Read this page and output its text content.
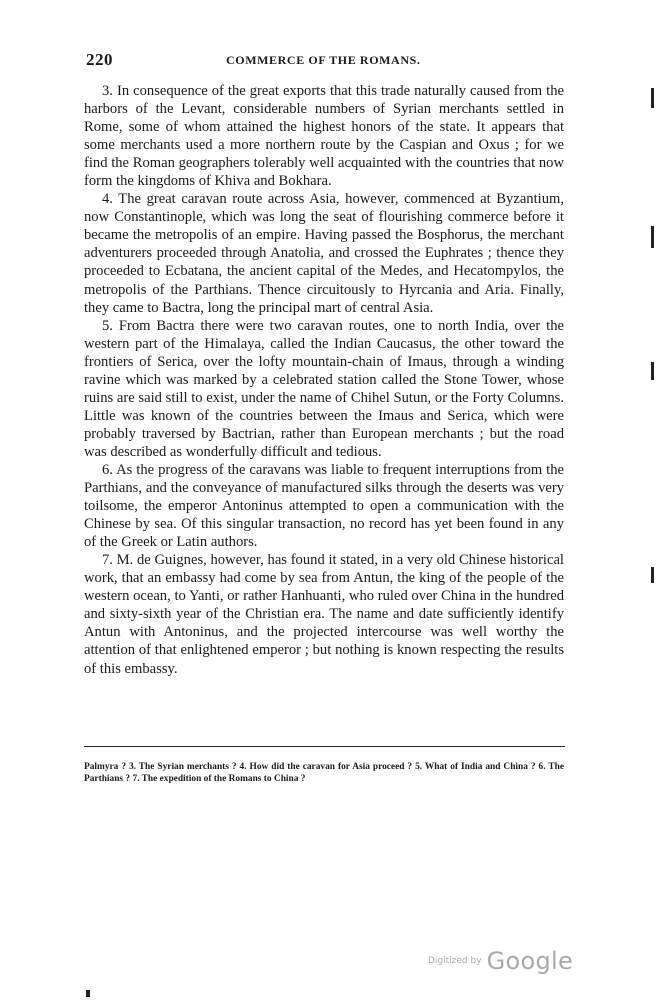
220	COMMERCE OF THE ROMANS.

3. In consequence of the great exports that this trade naturally caused from the harbors of the Levant, considerable numbers of Syrian merchants settled in Rome, some of whom attained the highest honors of the state. It appears that some merchants used a more northern route by the Caspian and Oxus ; for we find the Roman geographers tolerably well acquainted with the countries that now form the kingdoms of Khiva and Bokhara.

4. The great caravan route across Asia, however, commenced at Byzantium, now Constantinople, which was long the seat of flourishing commerce before it became the metropolis of an empire. Having passed the Bosphorus, the merchant adventurers proceeded through Anatolia, and crossed the Euphrates ; thence they proceeded to Ecbatana, the ancient capital of the Medes, and Hecatompylos, the metropolis of the Parthians. Thence circuitously to Hyrcania and Aria. Finally, they came to Bactra, long the principal mart of central Asia.

5. From Bactra there were two caravan routes, one to north India, over the western part of the Himalaya, called the Indian Caucasus, the other toward the frontiers of Serica, over the lofty mountain-chain of Imaus, through a winding ravine which was marked by a celebrated station called the Stone Tower, whose ruins are said still to exist, under the name of Chihel Sutun, or the Forty Columns. Little was known of the countries between the Imaus and Serica, which were probably traversed by Bactrian, rather than European merchants ; but the road was described as wonderfully difficult and tedious.

6. As the progress of the caravans was liable to frequent interruptions from the Parthians, and the conveyance of manufactured silks through the deserts was very toilsome, the emperor Antoninus attempted to open a communication with the Chinese by sea. Of this singular transaction, no record has yet been found in any of the Greek or Latin authors.

7. M. de Guignes, however, has found it stated, in a very old Chinese historical work, that an embassy had come by sea from Antun, the king of the people of the western ocean, to Yanti, or rather Hanhuanti, who ruled over China in the hundred and sixty-sixth year of the Christian era. The name and date sufficiently identify Antun with Antoninus, and the projected intercourse was well worthy the attention of that enlightened emperor ; but nothing is known respecting the results of this embassy.

Palmyra ? 3. The Syrian merchants ? 4. How did the caravan for Asia proceed ? 5. What of India and China ? 6. The Parthians ? 7. The expedition of the Romans to China ?
Digitized by Google
